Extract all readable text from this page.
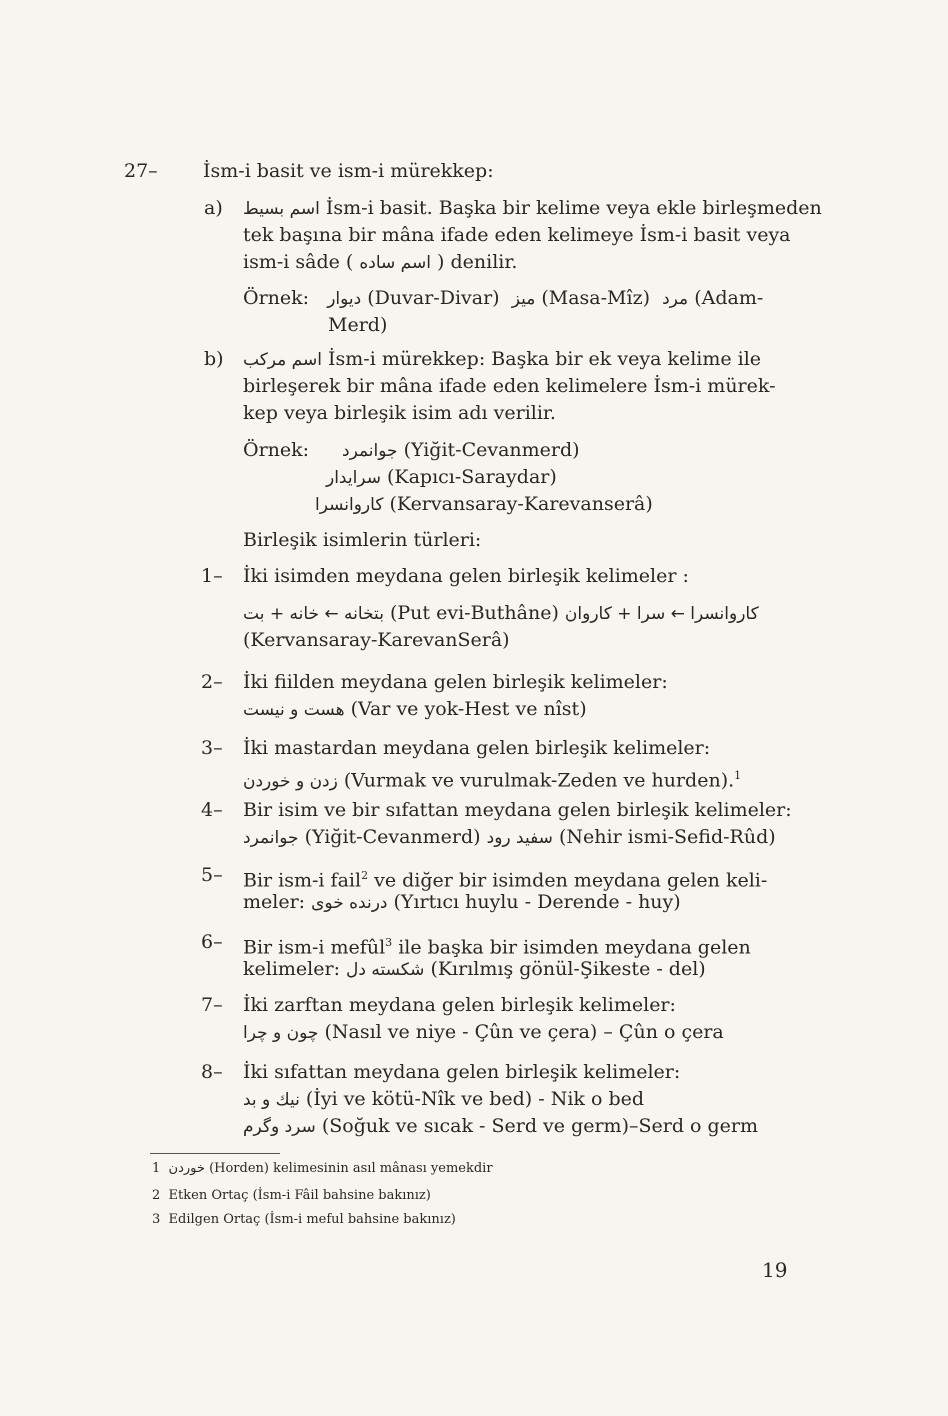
27– İsm-i basit ve ism-i mürekkep:
a) اسم بسيط İsm-i basit. Başka bir kelime veya ekle birleşmeden
tek başına bir mâna ifade eden kelimeye İsm-i basit veya
ism-i sâde ( اسم ساده ) denilir.
Örnek: ديوار (Duvar-Divar) ميز (Masa-Mîz) مرد (Adam-
Merd)
b) اسم مركب İsm-i mürekkep: Başka bir ek veya kelime ile
birleşerek bir mâna ifade eden kelimelere İsm-i mürek-
kep veya birleşik isim adı verilir.
Örnek: جوانمرد (Yiğit-Cevanmerd)
سرايدار (Kapıcı-Saraydar)
كاروانسرا (Kervansaray-Karevanserâ)
Birleşik isimlerin türleri:
1– İki isimden meydana gelen birleşik kelimeler :
بتخانه ← خانه + بت (Put evi-Buthâne) كاروانسرا ← سرا + كاروان
(Kervansaray-KarevanSerâ)
2– İki fiilden meydana gelen birleşik kelimeler:
هست و نيست (Var ve yok-Hest ve nîst)
3– İki mastardan meydana gelen birleşik kelimeler:
زدن و خوردن (Vurmak ve vurulmak-Zeden ve hurden).$^1$
4– Bir isim ve bir sıfattan meydana gelen birleşik kelimeler:
جوانمرد (Yiğit-Cevanmerd) سفيد رود (Nehir ismi-Sefid-Rûd)
5– Bir ism-i fail$^2$ ve diğer bir isimden meydana gelen keli-
meler: درنده خوى (Yırtıcı huylu - Derende - huy)
6– Bir ism-i mefûl$^3$ ile başka bir isimden meydana gelen
kelimeler: شكسته دل (Kırılmış gönül-Şikeste - del)
7– İki zarftan meydana gelen birleşik kelimeler:
چون و چرا (Nasıl ve niye - Çûn ve çera) – Çûn o çera
8– İki sıfattan meydana gelen birleşik kelimeler:
نيك و بد (İyi ve kötü-Nîk ve bed) - Nik o bed
سرد وگرم (Soğuk ve sıcak - Serd ve germ)–Serd o germ
1 خوردن (Horden) kelimesinin asıl mânası yemekdir
2 Etken Ortaç (İsm-i Fâil bahsine bakınız)
3 Edilgen Ortaç (İsm-i meful bahsine bakınız)
19
